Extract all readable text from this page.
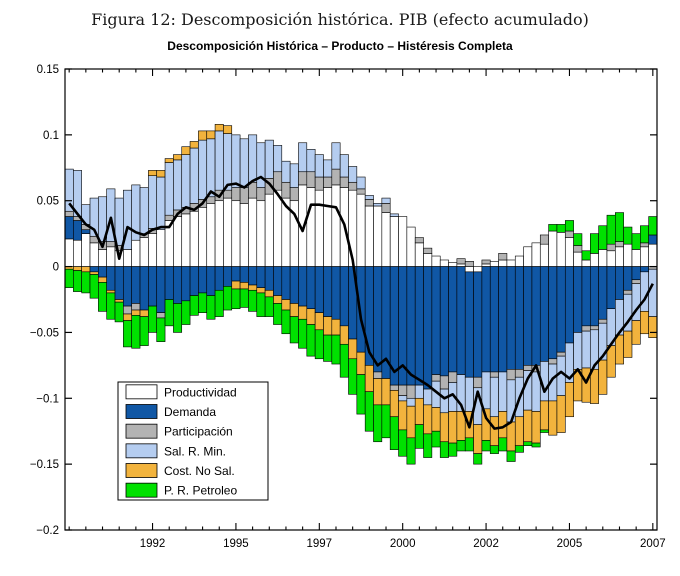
Figura 12: Descomposición histórica. PIB (efecto acumulado)
Descomposición Histórica – Producto – Histéresis Completa
0.15
0.1
0.05
0
−0.05
−0.1
−0.15
−0.2
1992	1995	1997	2000	2002	2005	2007
Productividad
Demanda
Participación
Sal. R. Min.
Cost. No Sal.
P. R. Petroleo
